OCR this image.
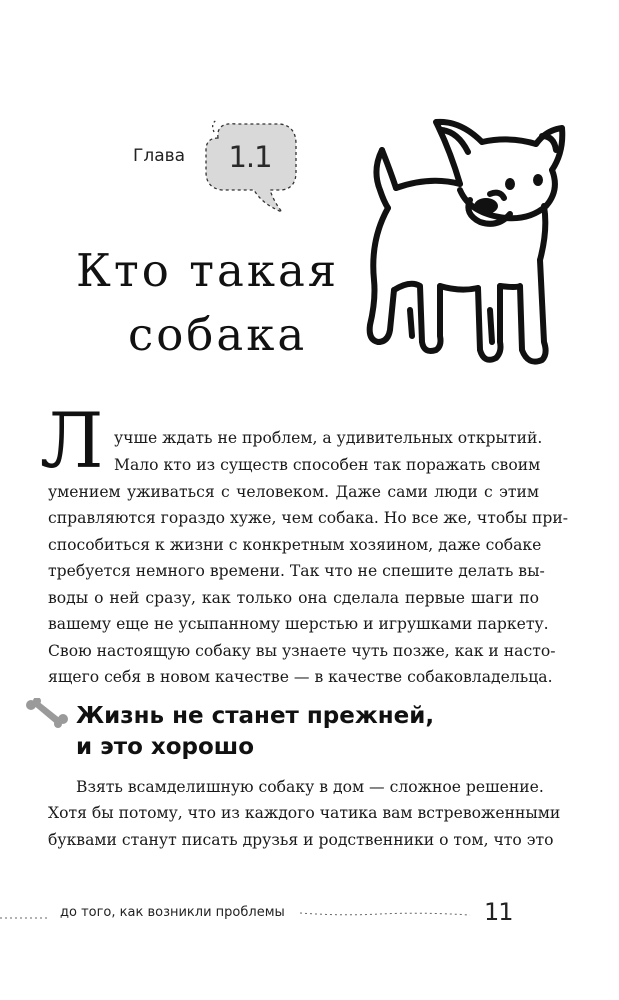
Глава	1.1
Кто такая
собака
Л учше ждать не проблем, а удивительных открытий.
Мало кто из существ способен так поражать своим
умением уживаться с человеком. Даже сами люди с этим
справляются гораздо хуже, чем собака. Но все же, чтобы при-
способиться к жизни с конкретным хозяином, даже собаке
требуется немного времени. Так что не спешите делать вы-
воды о ней сразу, как только она сделала первые шаги по
вашему еще не усыпанному шерстью и игрушками паркету.
Свою настоящую собаку вы узнаете чуть позже, как и насто-
ящего себя в новом качестве — в качестве собаковладельца.
Жизнь не станет прежней,
и это хорошо
Взять всамделишную собаку в дом — сложное решение.
Хотя бы потому, что из каждого чатика вам встревоженными
буквами станут писать друзья и родственники о том, что это
до того, как возникли проблемы	11
